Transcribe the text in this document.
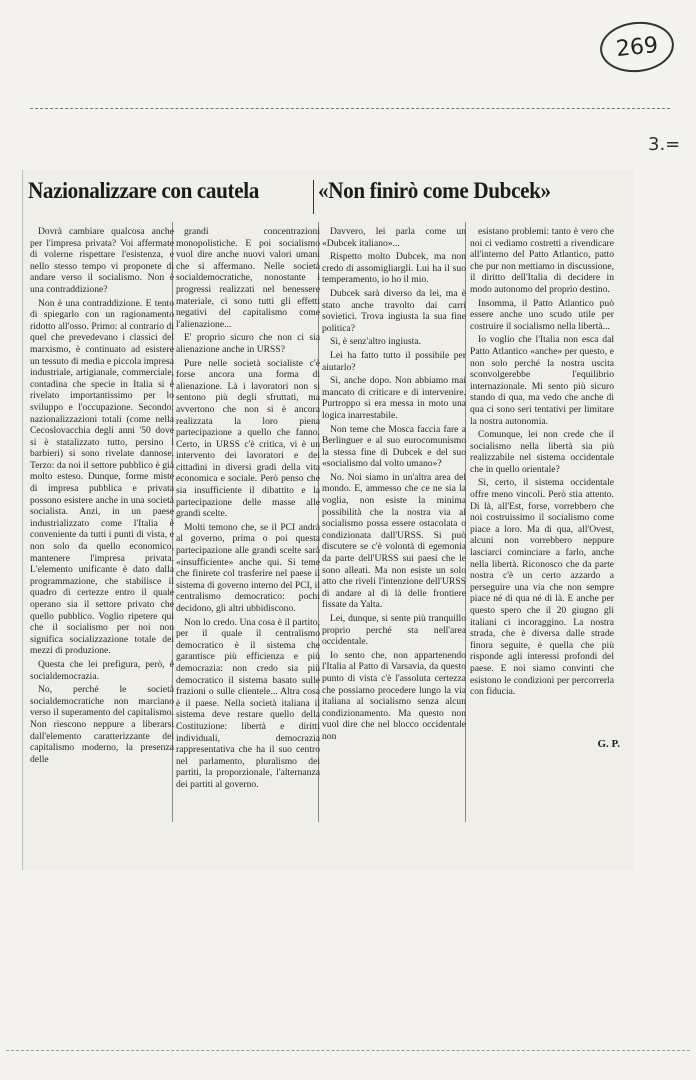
269
3.=
Nazionalizzare con cautela	«Non finirò come Dubcek»

Dovrà cambiare qualcosa anche per l'impresa privata? Voi affermate di volerne rispettare l'esistenza, e nello stesso tempo vi proponete di andare verso il socialismo. Non è una contraddizione?

Non è una contraddizione. E tento di spiegarlo con un ragionamento ridotto all'osso. Primo: al contrario di quel che prevedevano i classici del marxismo, è continuato ad esistere un tessuto di media e piccola impresa industriale, artigianale, commerciale, contadina che specie in Italia si è rivelato importantissimo per lo sviluppo e l'occupazione. Secondo: nazionalizzazioni totali (come nella Cecoslovacchia degli anni '50 dove si è statalizzato tutto, persino i barbieri) si sono rivelate dannose. Terzo: da noi il settore pubblico è già molto esteso. Dunque, forme miste di impresa pubblica e privata possono esistere anche in una società socialista. Anzi, in un paese industrializzato come l'Italia è conveniente da tutti i punti di vista, e non solo da quello economico, mantenere l'impresa privata. L'elemento unificante è dato dalla programmazione, che stabilisce il quadro di certezze entro il quale operano sia il settore privato che quello pubblico. Voglio ripetere qui che il socialismo per noi non significa socializzazione totale dei mezzi di produzione.

Questa che lei prefigura, però, è socialdemocrazia.

No, perché le società socialdemocratiche non marciano verso il superamento del capitalismo. Non riescono neppure a liberarsi dall'elemento caratterizzante del capitalismo moderno, la presenza delle

grandi concentrazioni monopolistiche. E poi socialismo vuol dire anche nuovi valori umani che si affermano. Nelle società socialdemocratiche, nonostante i progressi realizzati nel benessere materiale, ci sono tutti gli effetti negativi del capitalismo come l'alienazione...

E' proprio sicuro che non ci sia alienazione anche in URSS?

Pure nelle società socialiste c'è forse ancora una forma di alienazione. Là i lavoratori non si sentono più degli sfruttati, ma avvertono che non si è ancora realizzata la loro piena partecipazione a quello che fanno. Certo, in URSS c'è critica, vi è un intervento dei lavoratori e dei cittadini in diversi gradi della vita economica e sociale. Però penso che sia insufficiente il dibattito e la partecipazione delle masse alle grandi scelte.

Molti temono che, se il PCI andrà al governo, prima o poi questa partecipazione alle grandi scelte sarà «insufficiente» anche qui. Si teme che finirete col trasferire nel paese il sistema di governo interno del PCI, il centralismo democratico: pochi decidono, gli altri ubbidiscono.

Non lo credo. Una cosa è il partito, per il quale il centralismo democratico è il sistema che garantisce più efficienza e più democrazia: non credo sia più democratico il sistema basato sulle frazioni o sulle clientele... Altra cosa è il paese. Nella società italiana il sistema deve restare quello della Costituzione: libertà e diritti individuali, democrazia rappresentativa che ha il suo centro nel parlamento, pluralismo dei partiti, la proporzionale, l'alternanza dei partiti al governo.

Davvero, lei parla come un «Dubcek italiano»...

Rispetto molto Dubcek, ma non credo di assomigliargli. Lui ha il suo temperamento, io ho il mio.

Dubcek sarà diverso da lei, ma è stato anche travolto dai carri sovietici. Trova ingiusta la sua fine politica?

Sì, è senz'altro ingiusta.

Lei ha fatto tutto il possibile per aiutarlo?

Sì, anche dopo. Non abbiamo mai mancato di criticare e di intervenire. Purtroppo si era messa in moto una logica inarrestabile.

Non teme che Mosca faccia fare a Berlinguer e al suo eurocomunismo la stessa fine di Dubcek e del suo «socialismo dal volto umano»?

No. Noi siamo in un'altra area del mondo. E, ammesso che ce ne sia la voglia, non esiste la minima possibilità che la nostra via al socialismo possa essere ostacolata o condizionata dall'URSS. Si può discutere se c'è volontà di egemonia da parte dell'URSS sui paesi che le sono alleati. Ma non esiste un solo atto che riveli l'intenzione dell'URSS di andare al di là delle frontiere fissate da Yalta.

Lei, dunque, si sente più tranquillo proprio perché sta nell'area occidentale.

Io sento che, non appartenendo l'Italia al Patto di Varsavia, da questo punto di vista c'è l'assoluta certezza che possiamo procedere lungo la via italiana al socialismo senza alcun condizionamento. Ma questo non vuol dire che nel blocco occidentale non

esistano problemi: tanto è vero che noi ci vediamo costretti a rivendicare all'interno del Patto Atlantico, patto che pur non mettiamo in discussione, il diritto dell'Italia di decidere in modo autonomo del proprio destino.

Insomma, il Patto Atlantico può essere anche uno scudo utile per costruire il socialismo nella libertà...

Io voglio che l'Italia non esca dal Patto Atlantico «anche» per questo, e non solo perché la nostra uscita sconvolgerebbe l'equilibrio internazionale. Mi sento più sicuro stando di qua, ma vedo che anche di qua ci sono seri tentativi per limitare la nostra autonomia.

Comunque, lei non crede che il socialismo nella libertà sia più realizzabile nel sistema occidentale che in quello orientale?

Sì, certo, il sistema occidentale offre meno vincoli. Però stia attento. Di là, all'Est, forse, vorrebbero che noi costruissimo il socialismo come piace a loro. Ma di qua, all'Ovest, alcuni non vorrebbero neppure lasciarci cominciare a farlo, anche nella libertà. Riconosco che da parte nostra c'è un certo azzardo a perseguire una via che non sempre piace né di qua né di là. E anche per questo spero che il 20 giugno gli italiani ci incoraggino. La nostra strada, che è diversa dalle strade finora seguite, è quella che più risponde agli interessi profondi del paese. E noi siamo convinti che esistono le condizioni per percorrerla con fiducia.

G. P.
